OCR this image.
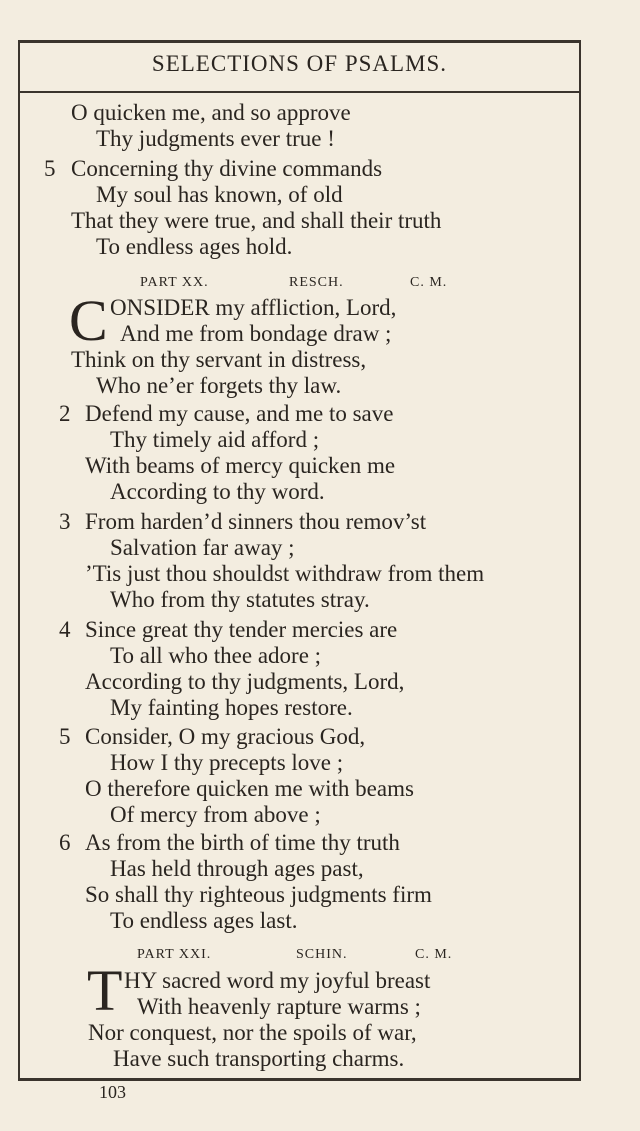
SELECTIONS OF PSALMS.
O quicken me, and so approve
Thy judgments ever true !
5 Concerning thy divine commands
My soul has known, of old
That they were true, and shall their truth
To endless ages hold.
PART XX.	RESCH.	C. M.
C ONSIDER my affliction, Lord,
And me from bondage draw ;
Think on thy servant in distress,
Who ne’er forgets thy law.
2 Defend my cause, and me to save
Thy timely aid afford ;
With beams of mercy quicken me
According to thy word.
3 From harden’d sinners thou remov’st
Salvation far away ;
’Tis just thou shouldst withdraw from them
Who from thy statutes stray.
4 Since great thy tender mercies are
To all who thee adore ;
According to thy judgments, Lord,
My fainting hopes restore.
5 Consider, O my gracious God,
How I thy precepts love ;
O therefore quicken me with beams
Of mercy from above ;
6 As from the birth of time thy truth
Has held through ages past,
So shall thy righteous judgments firm
To endless ages last.
PART XXI.	SCHIN.	C. M.
T HY sacred word my joyful breast
With heavenly rapture warms ;
Nor conquest, nor the spoils of war,
Have such transporting charms.
103
